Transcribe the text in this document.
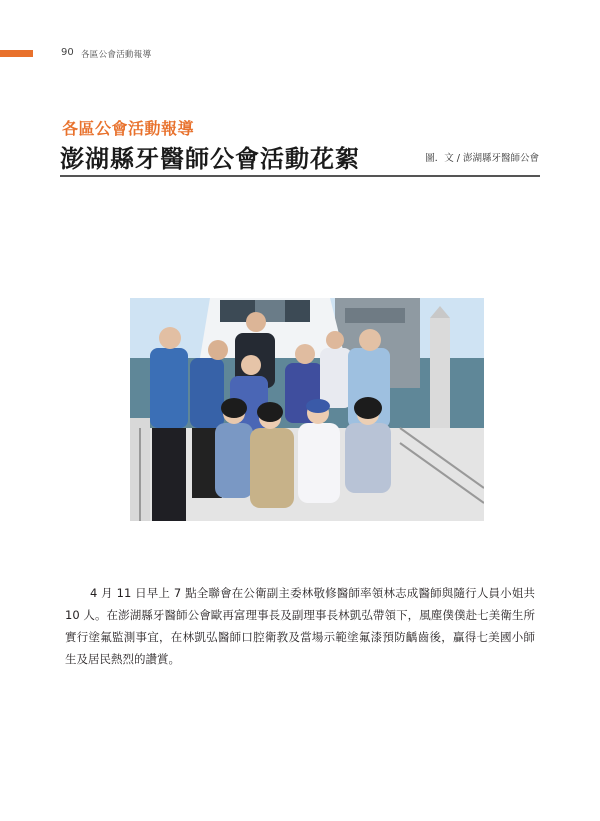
90 各區公會活動報導
各區公會活動報導
澎湖縣牙醫師公會活動花絮	圖．文 / 澎湖縣牙醫師公會

4 月 11 日早上 7 點全聯會在公衛副主委林敬修醫師率領林志成醫師與隨行人員小姐共 10 人。在澎湖縣牙醫師公會歐再富理事長及副理事長林凱弘帶領下，風塵僕僕赴七美衛生所實行塗氟監測事宜，在林凱弘醫師口腔衛教及當場示範塗氟漆預防齲齒後，贏得七美國小師生及居民熱烈的讚賞。
